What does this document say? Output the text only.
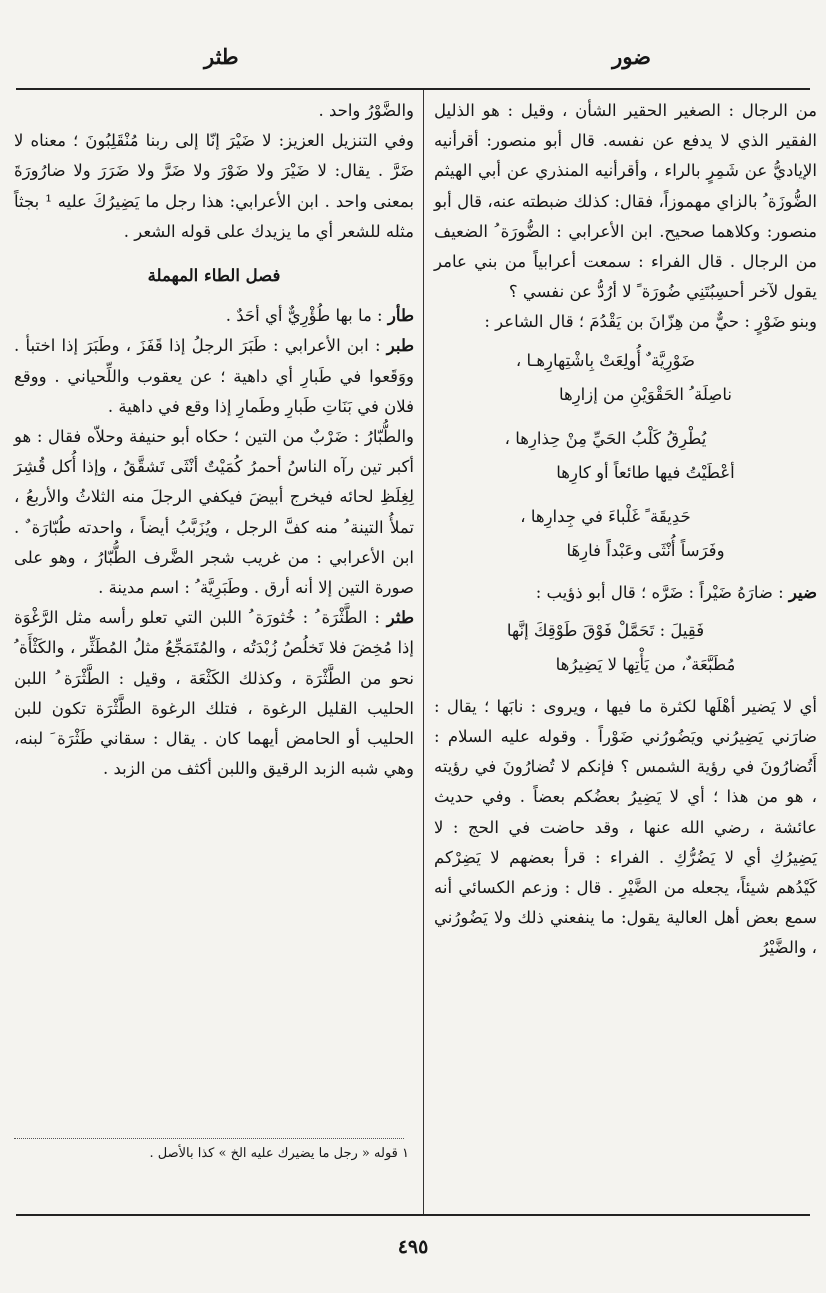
ضور
طثر

من الرجال : الصغير الحقير الشأن ، وقيل : هو الذليل الفقير الذي لا يدفع عن نفسه. قال أبو منصور: أقرأنيه الإياديُّ عن شَمِرٍ بالراء ، وأقرأنيه المنذري عن أبي الهيثم الضُّوزَة ُ بالزاي مهموزاً، فقال: كذلك ضبطته عنه، قال أبو منصور: وكلاهما صحيح. ابن الأعرابي : الضُّورَة ُ الضعيف من الرجال . قال الفراء : سمعت أعرابياً من بني عامر يقول لآخر أحسِبُتَنِي ضُورَة ً لا أرُدُّ عن نفسي ؟

وبنو ضَوْرٍ : حيٌّ من هِزّانَ بن يَقْدُمَ ؛ قال الشاعر :

ضَوْرِيَّة ٌ أُولِعَتْ بِاشْتِهارِهـا ،
ناصِلَة ُ الحَقْوَيْنِ من إزارِها
يُطْرِقُ كَلْبُ الحَيِّ مِنْ حِذارِها ،
أعْطَيْتُ فيها طائعاً أو كارِها
حَدِيقَة ً غَلْباءَ في جِدارِها ،
وفَرَساً أُنْثَى وعَبْداً فارِهَا

ضير : ضارَهُ ضَيْراً : ضَرَّه ؛ قال أبو ذؤيب :

فَقِيلَ : تَحَمَّلْ فَوْقَ طَوْقِكَ إنَّها
مُطَبَّعَة ٌ، من يَأْتِها لا يَضِيرُها

أي لا يَضير أهْلَها لكثرة ما فيها ، ويروى : نابَها ؛ يقال : ضارَني يَضِيرُني ويَضُورُني ضَوْراً . وقوله عليه السلام : أَتُضارُونَ في رؤية الشمس ؟ فإنكم لا تُضارُونَ في رؤيته ، هو من هذا ؛ أي لا يَضِيرُ بعضُكم بعضاً . وفي حديث عائشة ، رضي الله عنها ، وقد حاضت في الحج : لا يَضِيرُكِ أي لا يَضُرُّكِ . الفراء : قرأ بعضهم لا يَضِرْكم كَيْدُهم شيئاً، يجعله من الضَّيْرِ . قال : وزعم الكسائي أنه سمع بعض أهل العالية يقول: ما ينفعني ذلك ولا يَضُورُني ، والضَّيْرُ

والضَّوْرُ واحد .

وفي التنزيل العزيز: لا ضَيْرَ إنّا إلى ربنا مُنْقَلِبُونَ ؛ معناه لا ضَرَّ . يقال: لا ضَيْرَ ولا ضَوْرَ ولا ضَرَّ ولا ضَرَرَ ولا ضارُورَةَ بمعنى واحد . ابن الأعرابي: هذا رجل ما يَضِيرُكَ عليه ¹ بجثاً مثله للشعر أي ما يزيدك على قوله الشعر .

فصل الطاء المهملة

طأر : ما بها طُؤْرِيٌّ أي أحَدٌ .

طبر : ابن الأعرابي : طَبَرَ الرجلُ إذا قَفَزَ ، وطَبَرَ إذا اختبأ . ووَقَعوا في طَبارِ أي داهية ؛ عن يعقوب واللِّحياني . ووقع فلان في بَنَاتِ طَبارِ وطَمارِ إذا وقع في داهية .

والطُّبّارُ : ضَرْبٌ من التين ؛ حكاه أبو حنيفة وحلاّه فقال : هو أكبر تين رآه الناسُ أحمرُ كُمَيْتٌ أنْثَى تَشقَّقُ ، وإذا أُكل قُشِرَ لِغِلَظِ لحائه فيخرج أبيضَ فيكفي الرجلَ منه الثلاثُ والأربعُ ، تملأُ التينة ُ منه كفَّ الرجل ، ويُزَبَّبُ أيضاً ، واحدته طُبّارَة ٌ . ابن الأعرابي : من غريب شجر الضَّرف الطُّبّارُ ، وهو على صورة التين إلا أنه أرق . وطَبَرِيَّة ُ : اسم مدينة .

طثر : الطَّثْرَة ُ : خُثورَة ُ اللبن التي تعلو رأسه مثل الرَّغْوَة إذا مُخِضَ فلا تَخلُصُ زُبْدَتُه ، والمُتَمَجِّعُ مثلُ المُطَثِّر ، والكَثْأَة ُ نحو من الطَّثْرَة ، وكذلك الكَثْعَة ، وقيل : الطَّثْرَة ُ اللبن الحليب القليل الرغوة ، فتلك الرغوة الطَّثْرَة تكون للبن الحليب أو الحامض أيهما كان . يقال : سقاني طَثْرَة َ لبنه، وهي شبه الزبد الرقيق واللبن أكثف من الزبد .

١ قوله « رجل ما يضيرك عليه الخ » كذا بالأصل .
٤٩٥
